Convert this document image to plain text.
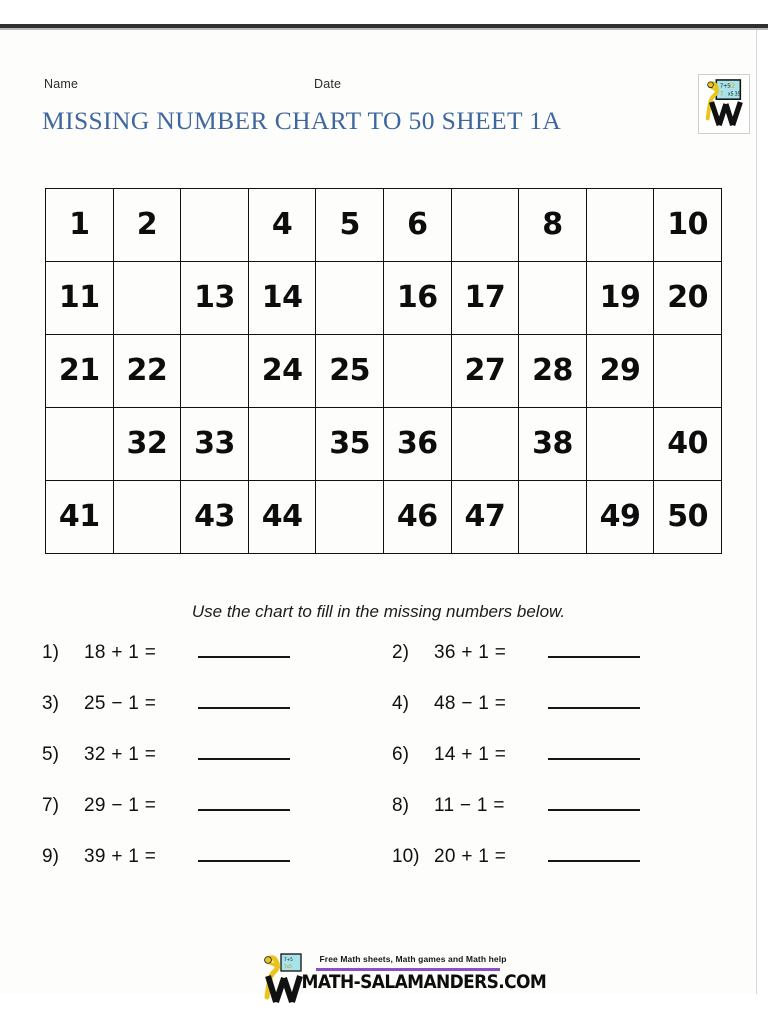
Name	Date
MISSING NUMBER CHART TO 50 SHEET 1A
7+5
12
7 x5 35
1	2		4	5	6		8		10

11		13	14		16	17		19	20

21	22		24	25		27	28	29	

	32	33		35	36		38		40

41		43	44		46	47		49	50
Use the chart to fill in the missing numbers below.
1)	18 + 1 =	2)	36 + 1 =
3)	25 − 1 =	4)	48 − 1 =
5)	32 + 1 =	6)	14 + 1 =
7)	29 − 1 =	8)	11 − 1 =
9)	39 + 1 =	10) 20 + 1 =
7+5
7x5
Free Math sheets, Math games and Math help
MATH-SALAMANDERS.COM
